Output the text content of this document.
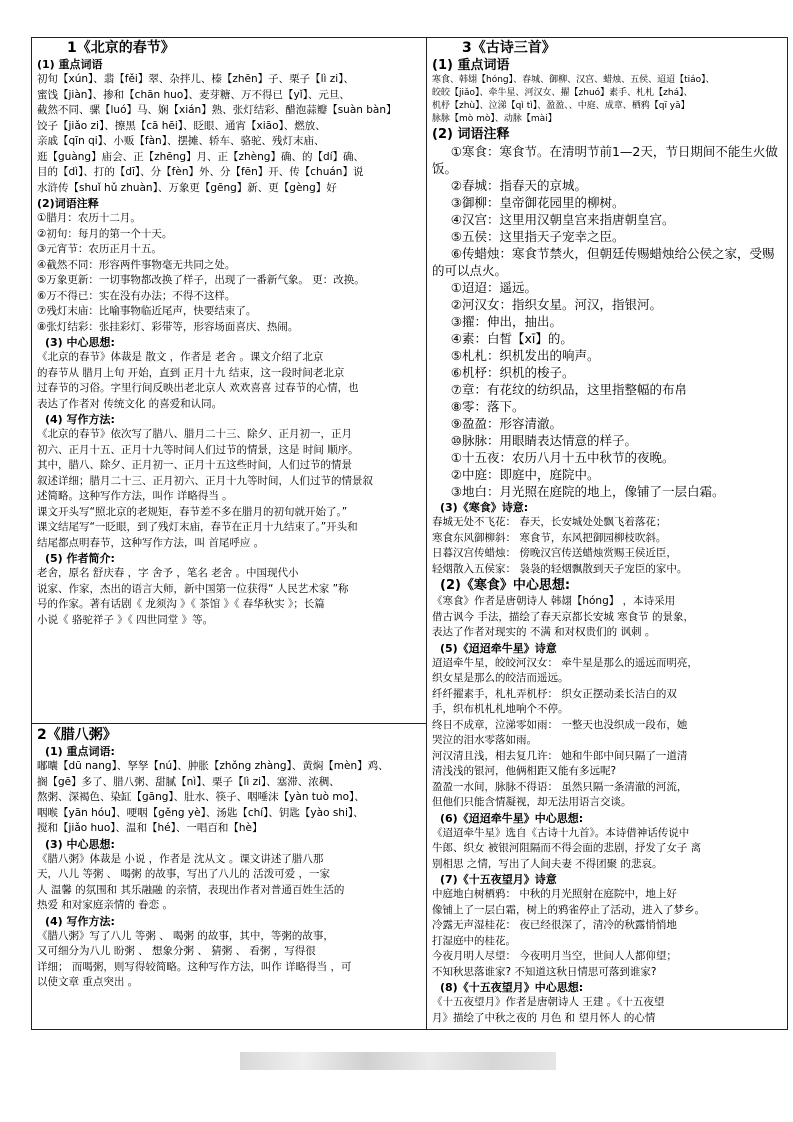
1《北京的春节》
(1) 重点词语

初旬【xún】、翡【fěi】翠、杂拌儿、榛【zhēn】子、栗子【lì zi】、

蜜饯【jiàn】、掺和【chān huo】、麦芽糖、万不得已【yǐ】、元旦、

截然不同、骡【luó】马、娴【xián】熟、张灯结彩、醋泡蒜瓣【suàn bàn】

饺子【jiǎo zi】、擦黑【cā hēi】、眨眼、通宵【xiāo】、燃放、

亲戚【qīn qi】、小贩【fàn】、摆摊、轿车、骆驼、残灯末庙、

逛【guàng】庙会、正【zhēng】月、正【zhèng】确、的【dí】确、

目的【dì】、打的【dī】、分【fèn】外、分【fēn】开、传【chuán】说

水浒传【shuǐ hǔ zhuàn】、万象更【gēng】新、更【gèng】好

(2)词语注释

①腊月：农历十二月。

②初旬：每月的第一个十天。

③元宵节：农历正月十五。

④截然不同：形容两件事物毫无共同之处。

⑤万象更新：一切事物都改换了样子，出现了一番新气象。 更：改换。

⑥万不得已：实在没有办法；不得不这样。

⑦残灯末庙：比喻事物临近尾声，快要结束了。

⑧张灯结彩：张挂彩灯、彩带等，形容场面喜庆、热闹。

(3) 中心思想:

《北京的春节》体裁是 散文 ，作者是 老舍 。课文介绍了北京

的春节从 腊月上旬 开始，直到 正月十九 结束，这一段时间老北京

过春节的习俗。字里行间反映出老北京人 欢欢喜喜 过春节的心情，也

表达了作者对 传统文化 的喜爱和认同。

(4) 写作方法:

《北京的春节》依次写了腊八、腊月二十三、除夕、正月初一，正月

初六、正月十五、正月十九等时间人们过节的情景，这是 时间 顺序。

其中，腊八、除夕、正月初一、正月十五这些时间，人们过节的情景

叙述详细；腊月二十三、正月初六、正月十九等时间，人们过节的情景叙

述简略。这种写作方法，叫作 详略得当 。

课文开头写“照北京的老规矩，春节差不多在腊月的初旬就开始了。”

课文结尾写“一眨眼，到了残灯末庙，春节在正月十九结束了。”开头和

结尾都点明春节，这种写作方法，叫 首尾呼应 。

(5) 作者简介:

老舍，原名 舒庆春 ，字 舍予 ，笔名 老舍 。中国现代小

说家、作家，杰出的语言大师，新中国第一位获得“ 人民艺术家 ”称

号的作家。著有话剧《 龙须沟 》《 茶馆 》《 春华秋实 》；长篇

小说《 骆驼祥子 》《 四世同堂 》等。

2《腊八粥》
(1) 重点词语:

嘟囔【dū nang】、孥孥【nú】、肿胀【zhǒng zhàng】、黄焖【mèn】鸡、

搁【gē】多了、腊八粥、甜腻【nì】、栗子【lì zi】、塞滞、浓稠、

熬粥、深褐色、染缸【gāng】、肚水、筷子、咽唾沫【yàn tuò mo】、

咽喉【yān hóu】、哽咽【gěng yè】、汤匙【chí】、钥匙【yào shi】、

搅和【jiǎo huo】、温和【hé】、一唱百和【hè】

(3) 中心思想:

《腊八粥》体裁是 小说 ，作者是 沈从文 。课文讲述了腊八那

天，八儿 等粥 、 喝粥 的故事，写出了八儿的 活泼可爱 ，一家

人 温馨 的氛围和 其乐融融 的亲情，表现出作者对普通百姓生活的

热爱 和对家庭亲情的 眷恋 。

(4) 写作方法:

《腊八粥》写了八儿 等粥 、 喝粥 的故事，其中，等粥的故事，

又可细分为八儿 盼粥 、 想象分粥 、 猜粥 、 看粥 ，写得很

详细； 而喝粥，则写得较简略。这种写作方法，叫作 详略得当 ，可

以使文章 重点突出 。

3《古诗三首》
(1) 重点词语

寒食、韩翃【hóng】、春城、御柳、汉宫、蜡烛、五侯、迢迢【tiáo】、

皎皎【jiǎo】、牵牛星、河汉女、擢【zhuó】素手、札札【zhá】、

机杼【zhù】、泣涕【qì tì】、盈盈、、中庭、成章、栖鸦【qī yā】

脉脉【mò mò】、动脉【mài】

(2) 词语注释

①寒食：寒食节。在清明节前1—2天，节日期间不能生火做饭。

②春城：指春天的京城。

③御柳：皇帝御花园里的柳树。

④汉宫：这里用汉朝皇宫来指唐朝皇宫。

⑤五侯：这里指天子宠幸之臣。

⑥传蜡烛：寒食节禁火，但朝廷传赐蜡烛给公侯之家，受赐的可以点火。

①迢迢：遥远。

②河汉女：指织女星。河汉，指银河。

③擢：伸出，抽出。

④素：白皙【xī】的。

⑤札札：织机发出的响声。

⑥机杼：织机的梭子。

⑦章：有花纹的纺织品，这里指整幅的布帛

⑧零：落下。

⑨盈盈：形容清澈。

⑩脉脉：用眼睛表达情意的样子。

①十五夜：农历八月十五中秋节的夜晚。

②中庭：即庭中，庭院中。

③地白：月光照在庭院的地上，像铺了一层白霜。

(3)《寒食》诗意:

春城无处不飞花： 春天，长安城处处飘飞着落花；

寒食东风御柳斜： 寒食节，东风把御园柳枝吹斜。

日暮汉宫传蜡烛： 傍晚汉宫传送蜡烛赏赐王侯近臣，

轻烟散入五侯家： 袅袅的轻烟飘散到天子宠臣的家中。

(2)《寒食》中心思想:

《寒食》作者是唐朝诗人 韩翃【hóng】 ，本诗采用

借古讽今 手法，描绘了春天京都长安城 寒食节 的景象，

表达了作者对现实的 不满 和对权贵们的 讽刺 。

(5)《迢迢牵牛星》诗意

迢迢牵牛星，皎皎河汉女： 牵牛星是那么的遥远而明亮，

织女星是那么的皎洁而遥远。

纤纤擢素手，札札弄机杼： 织女正摆动柔长洁白的双

手，织布机札札地响个不停。

终日不成章，泣涕零如雨： 一整天也没织成一段布，她

哭泣的泪水零落如雨。

河汉清且浅，相去复几许： 她和牛郎中间只隔了一道清

清浅浅的银河，他俩相距又能有多远呢?

盈盈一水间，脉脉不得语： 虽然只隔一条清澈的河流，

但他们只能含情凝视，却无法用语言交谈。

(6)《迢迢牵牛星》中心思想:

《迢迢牵牛星》选自《古诗十九首》。本诗借神话传说中

牛郎、织女 被银河阻隔而不得会面的悲剧，抒发了女子 离

别相思 之情，写出了人间夫妻 不得团聚 的悲哀。

(7)《十五夜望月》诗意

中庭地白树栖鸦： 中秋的月光照射在庭院中，地上好

像铺上了一层白霜，树上的鸦雀停止了活动，进入了梦乡。

冷露无声湿桂花： 夜已经很深了，清冷的秋露悄悄地

打湿庭中的桂花。

今夜月明人尽望： 今夜明月当空，世间人人都仰望；

不知秋思落谁家? 不知道这秋日情思可落到谁家?

(8)《十五夜望月》中心思想:

《十五夜望月》作者是唐朝诗人 王建 。《十五夜望

月》描绘了中秋之夜的 月色 和 望月怀人 的心情
